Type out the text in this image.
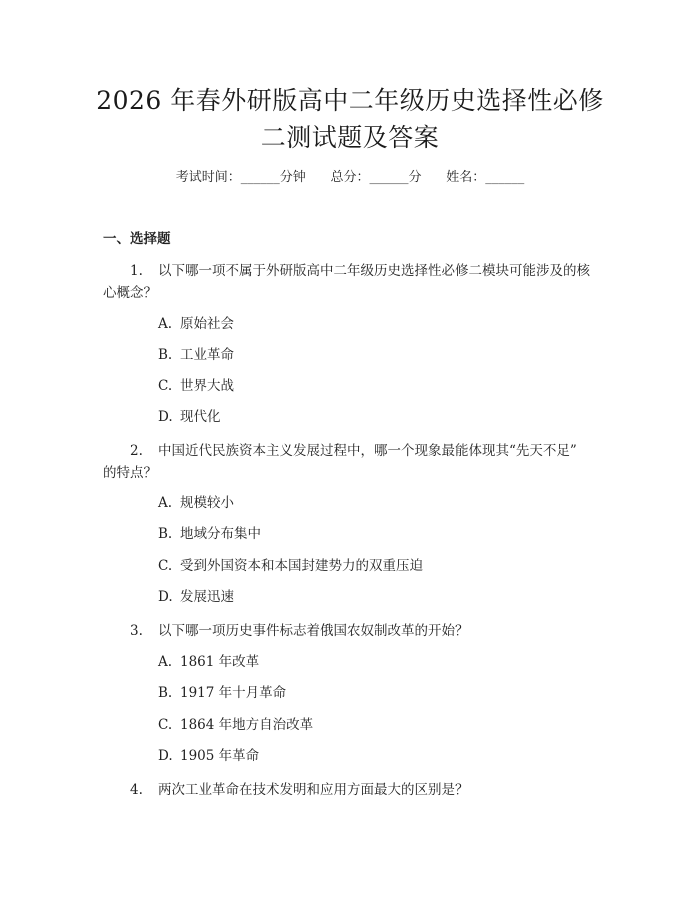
2026 年春外研版高中二年级历史选择性必修
二测试题及答案
考试时间：______分钟      总分：______分      姓名：______
一、选择题
1. 以下哪一项不属于外研版高中二年级历史选择性必修二模块可能涉及的核
心概念？
A. 原始社会
B. 工业革命
C. 世界大战
D. 现代化
2. 中国近代民族资本主义发展过程中，哪一个现象最能体现其“先天不足”
的特点？
A. 规模较小
B. 地域分布集中
C. 受到外国资本和本国封建势力的双重压迫
D. 发展迅速
3. 以下哪一项历史事件标志着俄国农奴制改革的开始？
A. 1861 年改革
B. 1917 年十月革命
C. 1864 年地方自治改革
D. 1905 年革命
4. 两次工业革命在技术发明和应用方面最大的区别是？
